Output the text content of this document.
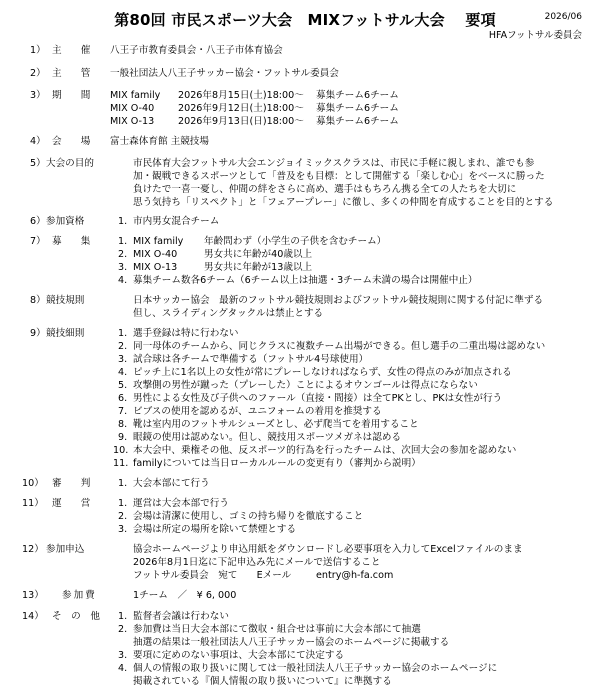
第80回 市民スポーツ大会　MIXフットサル大会　 要項	2026/06
HFAフットサル委員会
1） 主　　催 八王子市教育委員会・八王子市体育協会
2） 主　　管 一般社団法人八王子サッカー協会・フットサル委員会
3） 期　　間 MIX family 2026年8月15日(土)18:00～ 募集チーム6チーム
MIX O-40 2026年9月12日(土)18:00～ 募集チーム6チーム
MIX O-13 2026年9月13日(日)18:00～ 募集チーム6チーム
4） 会　　場 富士森体育館 主競技場
5） 大会の目的	市民体育大会フットサル大会エンジョイミックスクラスは、市民に手軽に親しまれ、誰でも参
加・観戦できるスポーツとして「普及をも目標：として開催する「楽しむ心」をベースに勝った
負けたで一喜一憂し、仲間の絆をさらに高め、選手はもちろん携る全ての人たちを大切に
思う気持ち「リスペクト」と「フェアープレー」に徹し、多くの仲間を育成することを目的とする
6） 参加資格	1. 市内男女混合チーム
7） 募　　集	1. MIX family 年齢問わず（小学生の子供を含むチーム）
2. MIX O-40	男女共に年齢が40歳以上
3. MIX O-13	男女共に年齢が13歳以上
4. 募集チーム数各6チーム（6チーム以上は抽選・3チーム未満の場合は開催中止）
8） 競技規則	日本サッカー協会　最新のフットサル競技規則およびフットサル競技規則に関する付記に準ずる
但し、スライディングタックルは禁止とする
9） 競技細則	1. 選手登録は特に行わない
2. 同一母体のチームから、同じクラスに複数チーム出場ができる。但し選手の二重出場は認めない
3. 試合球は各チームで準備する（フットサル4号球使用）
4. ピッチ上に1名以上の女性が常にプレーしなければならず、女性の得点のみが加点される
5. 攻撃側の男性が蹴った（プレーした）ことによるオウンゴールは得点にならない
6. 男性による女性及び子供へのファール（直接・間接）は全てPKとし、PKは女性が行う
7. ビブスの使用を認めるが、ユニフォームの着用を推奨する
8. 靴は室内用のフットサルシューズとし、必ず爬当てを着用すること
9. 眼鏡の使用は認めない。但し、競技用スポーツメガネは認める
10. 本大会中、乗権その他、反スポーツ的行為を行ったチームは、次回大会の参加を認めない
11. familyについては当日ローカルルールの変更有り（審判から説明）
10） 審　　判	1. 大会本部にて行う
11） 運　　営	1. 運営は大会本部で行う
2. 会場は清潔に使用し、ゴミの持ち帰りを徹底すること
3. 会場は所定の場所を除いて禁煙とする
12） 参加申込	協会ホームページより申込用紙をダウンロードし必要事項を入力してExcelファイルのまま
2026年8月1日迄に下記申込み先にメールで送信すること
フットサル委員会　宛て　　Eメール	entry@h-fa.com
13） 参加費	1チーム　／　¥ 6, 000
14） そ　の　他 1. 監督者会議は行わない
2. 参加費は当日大会本部にて徴収・組合せは事前に大会本部にて抽選
抽選の結果は一般社団法人八王子サッカー協会のホームページに掲載する
3. 要項に定めのない事項は、大会本部にて決定する
4. 個人の情報の取り扱いに関しては一般社団法人八王子サッカー協会のホームページに
掲載されている『個人情報の取り扱いについて』に準拠する
